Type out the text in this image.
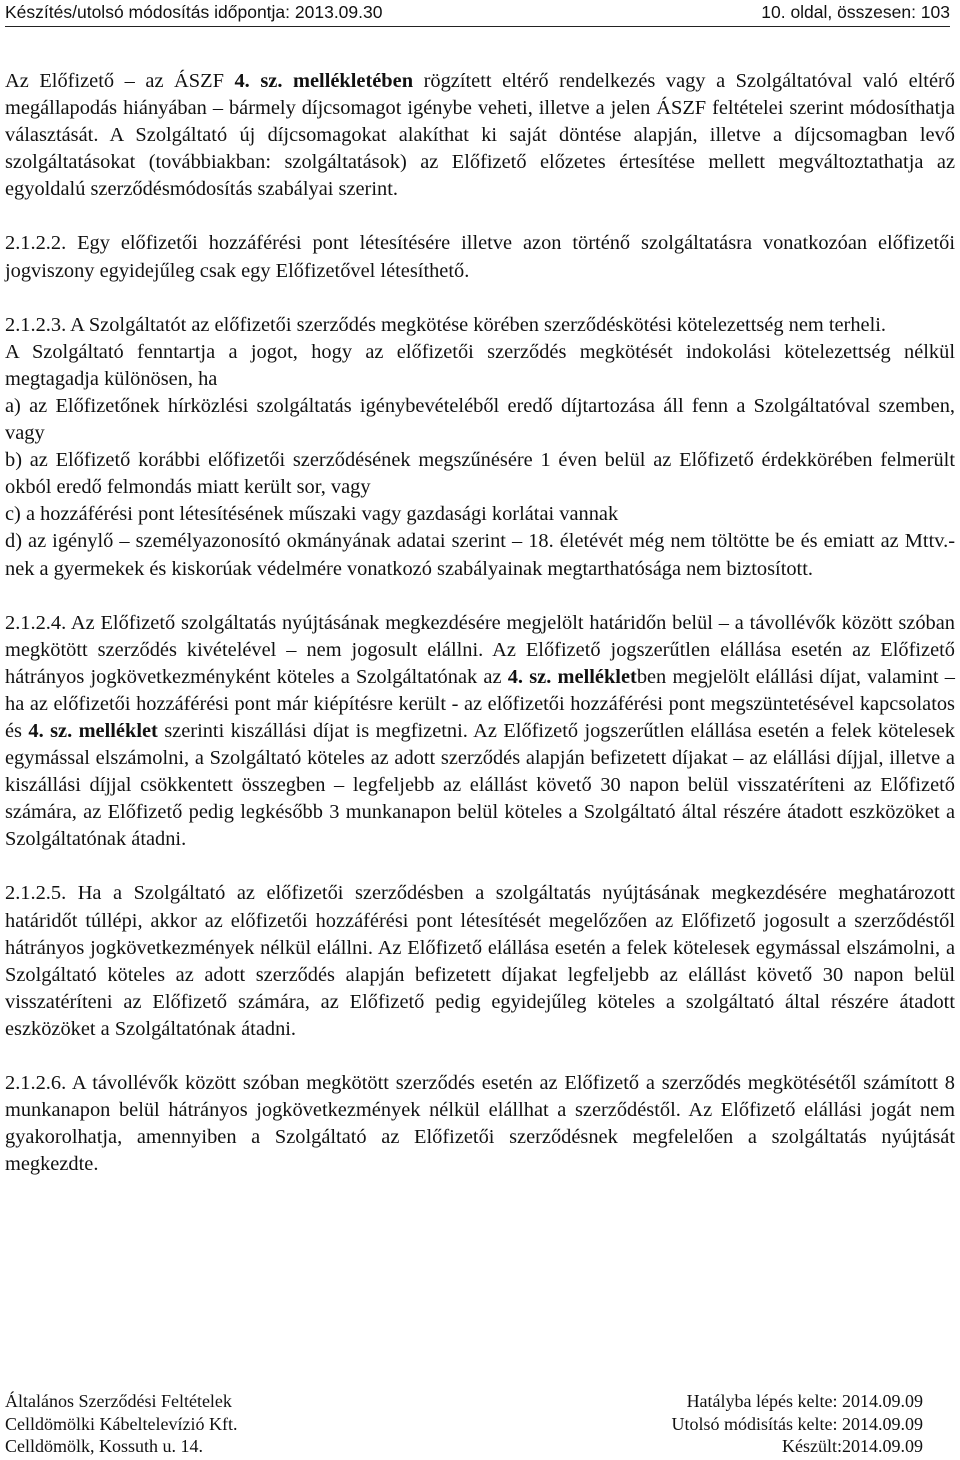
Készítés/utolsó módosítás időpontja: 2013.09.30	10. oldal, összesen: 103

Az Előfizető – az ÁSZF 4. sz. mellékletében rögzített eltérő rendelkezés vagy a Szolgáltatóval való eltérő megállapodás hiányában – bármely díjcsomagot igénybe veheti, illetve a jelen ÁSZF feltételei szerint módosíthatja választását. A Szolgáltató új díjcsomagokat alakíthat ki saját döntése alapján, illetve a díjcsomagban levő szolgáltatásokat (továbbiakban: szolgáltatások) az Előfizető előzetes értesítése mellett megváltoztathatja az egyoldalú szerződésmódosítás szabályai szerint.

2.1.2.2. Egy előfizetői hozzáférési pont létesítésére illetve azon történő szolgáltatásra vonatkozóan előfizetői jogviszony egyidejűleg csak egy Előfizetővel létesíthető.

2.1.2.3. A Szolgáltatót az előfizetői szerződés megkötése körében szerződéskötési kötelezettség nem terheli.

A Szolgáltató fenntartja a jogot, hogy az előfizetői szerződés megkötését indokolási kötelezettség nélkül megtagadja különösen, ha

a) az Előfizetőnek hírközlési szolgáltatás igénybevételéből eredő díjtartozása áll fenn a Szolgáltatóval szemben, vagy

b) az Előfizető korábbi előfizetői szerződésének megszűnésére 1 éven belül az Előfizető érdekkörében felmerült okból eredő felmondás miatt került sor, vagy

c) a hozzáférési pont létesítésének műszaki vagy gazdasági korlátai vannak

d) az igénylő – személyazonosító okmányának adatai szerint – 18. életévét még nem töltötte be és emiatt az Mttv.-nek a gyermekek és kiskorúak védelmére vonatkozó szabályainak megtarthatósága nem biztosított.

2.1.2.4. Az Előfizető szolgáltatás nyújtásának megkezdésére megjelölt határidőn belül – a távollévők között szóban megkötött szerződés kivételével – nem jogosult elállni. Az Előfizető jogszerűtlen elállása esetén az Előfizető hátrányos jogkövetkezményként köteles a Szolgáltatónak az 4. sz. mellékletben megjelölt elállási díjat, valamint – ha az előfizetői hozzáférési pont már kiépítésre került - az előfizetői hozzáférési pont megszüntetésével kapcsolatos és 4. sz. melléklet szerinti kiszállási díjat is megfizetni. Az Előfizető jogszerűtlen elállása esetén a felek kötelesek egymással elszámolni, a Szolgáltató köteles az adott szerződés alapján befizetett díjakat – az elállási díjjal, illetve a kiszállási díjjal csökkentett összegben – legfeljebb az elállást követő 30 napon belül visszatéríteni az Előfizető számára, az Előfizető pedig legkésőbb 3 munkanapon belül köteles a Szolgáltató által részére átadott eszközöket a Szolgáltatónak átadni.

2.1.2.5. Ha a Szolgáltató az előfizetői szerződésben a szolgáltatás nyújtásának megkezdésére meghatározott határidőt túllépi, akkor az előfizetői hozzáférési pont létesítését megelőzően az Előfizető jogosult a szerződéstől hátrányos jogkövetkezmények nélkül elállni. Az Előfizető elállása esetén a felek kötelesek egymással elszámolni, a Szolgáltató köteles az adott szerződés alapján befizetett díjakat legfeljebb az elállást követő 30 napon belül visszatéríteni az Előfizető számára, az Előfizető pedig egyidejűleg köteles a szolgáltató által részére átadott eszközöket a Szolgáltatónak átadni.

2.1.2.6. A távollévők között szóban megkötött szerződés esetén az Előfizető a szerződés megkötésétől számított 8 munkanapon belül hátrányos jogkövetkezmények nélkül elállhat a szerződéstől. Az Előfizető elállási jogát nem gyakorolhatja, amennyiben a Szolgáltató az Előfizetői szerződésnek megfelelően a szolgáltatás nyújtását megkezdte.

Általános Szerződési Feltételek	Hatályba lépés kelte: 2014.09.09
Celldömölki Kábeltelevízió Kft.	Utolsó módisítás kelte: 2014.09.09
Celldömölk, Kossuth u. 14.	Készült:2014.09.09
